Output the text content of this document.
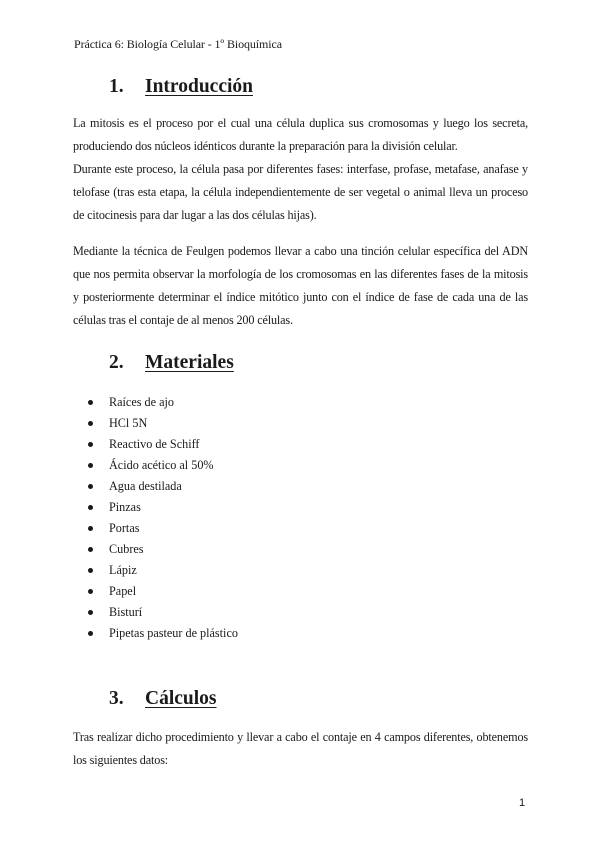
Práctica 6: Biología Celular - 1º Bioquímica
1. Introducción

La mitosis es el proceso por el cual una célula duplica sus cromosomas y luego los secreta, produciendo dos núcleos idénticos durante la preparación para la división celular.

Durante este proceso, la célula pasa por diferentes fases: interfase, profase, metafase, anafase y telofase (tras esta etapa, la célula independientemente de ser vegetal o animal lleva un proceso de citocinesis para dar lugar a las dos células hijas).

Mediante la técnica de Feulgen podemos llevar a cabo una tinción celular específica del ADN que nos permita observar la morfología de los cromosomas en las diferentes fases de la mitosis y posteriormente determinar el índice mitótico junto con el índice de fase de cada una de las células tras el contaje de al menos 200 células.

2. Materiales
Raíces de ajo
HCl 5N
Reactivo de Schiff
Ácido acético al 50%
Agua destilada
Pinzas
Portas
Cubres
Lápiz
Papel
Bisturí
Pipetas pasteur de plástico
3. Cálculos

Tras realizar dicho procedimiento y llevar a cabo el contaje en 4 campos diferentes, obtenemos los siguientes datos:

1
